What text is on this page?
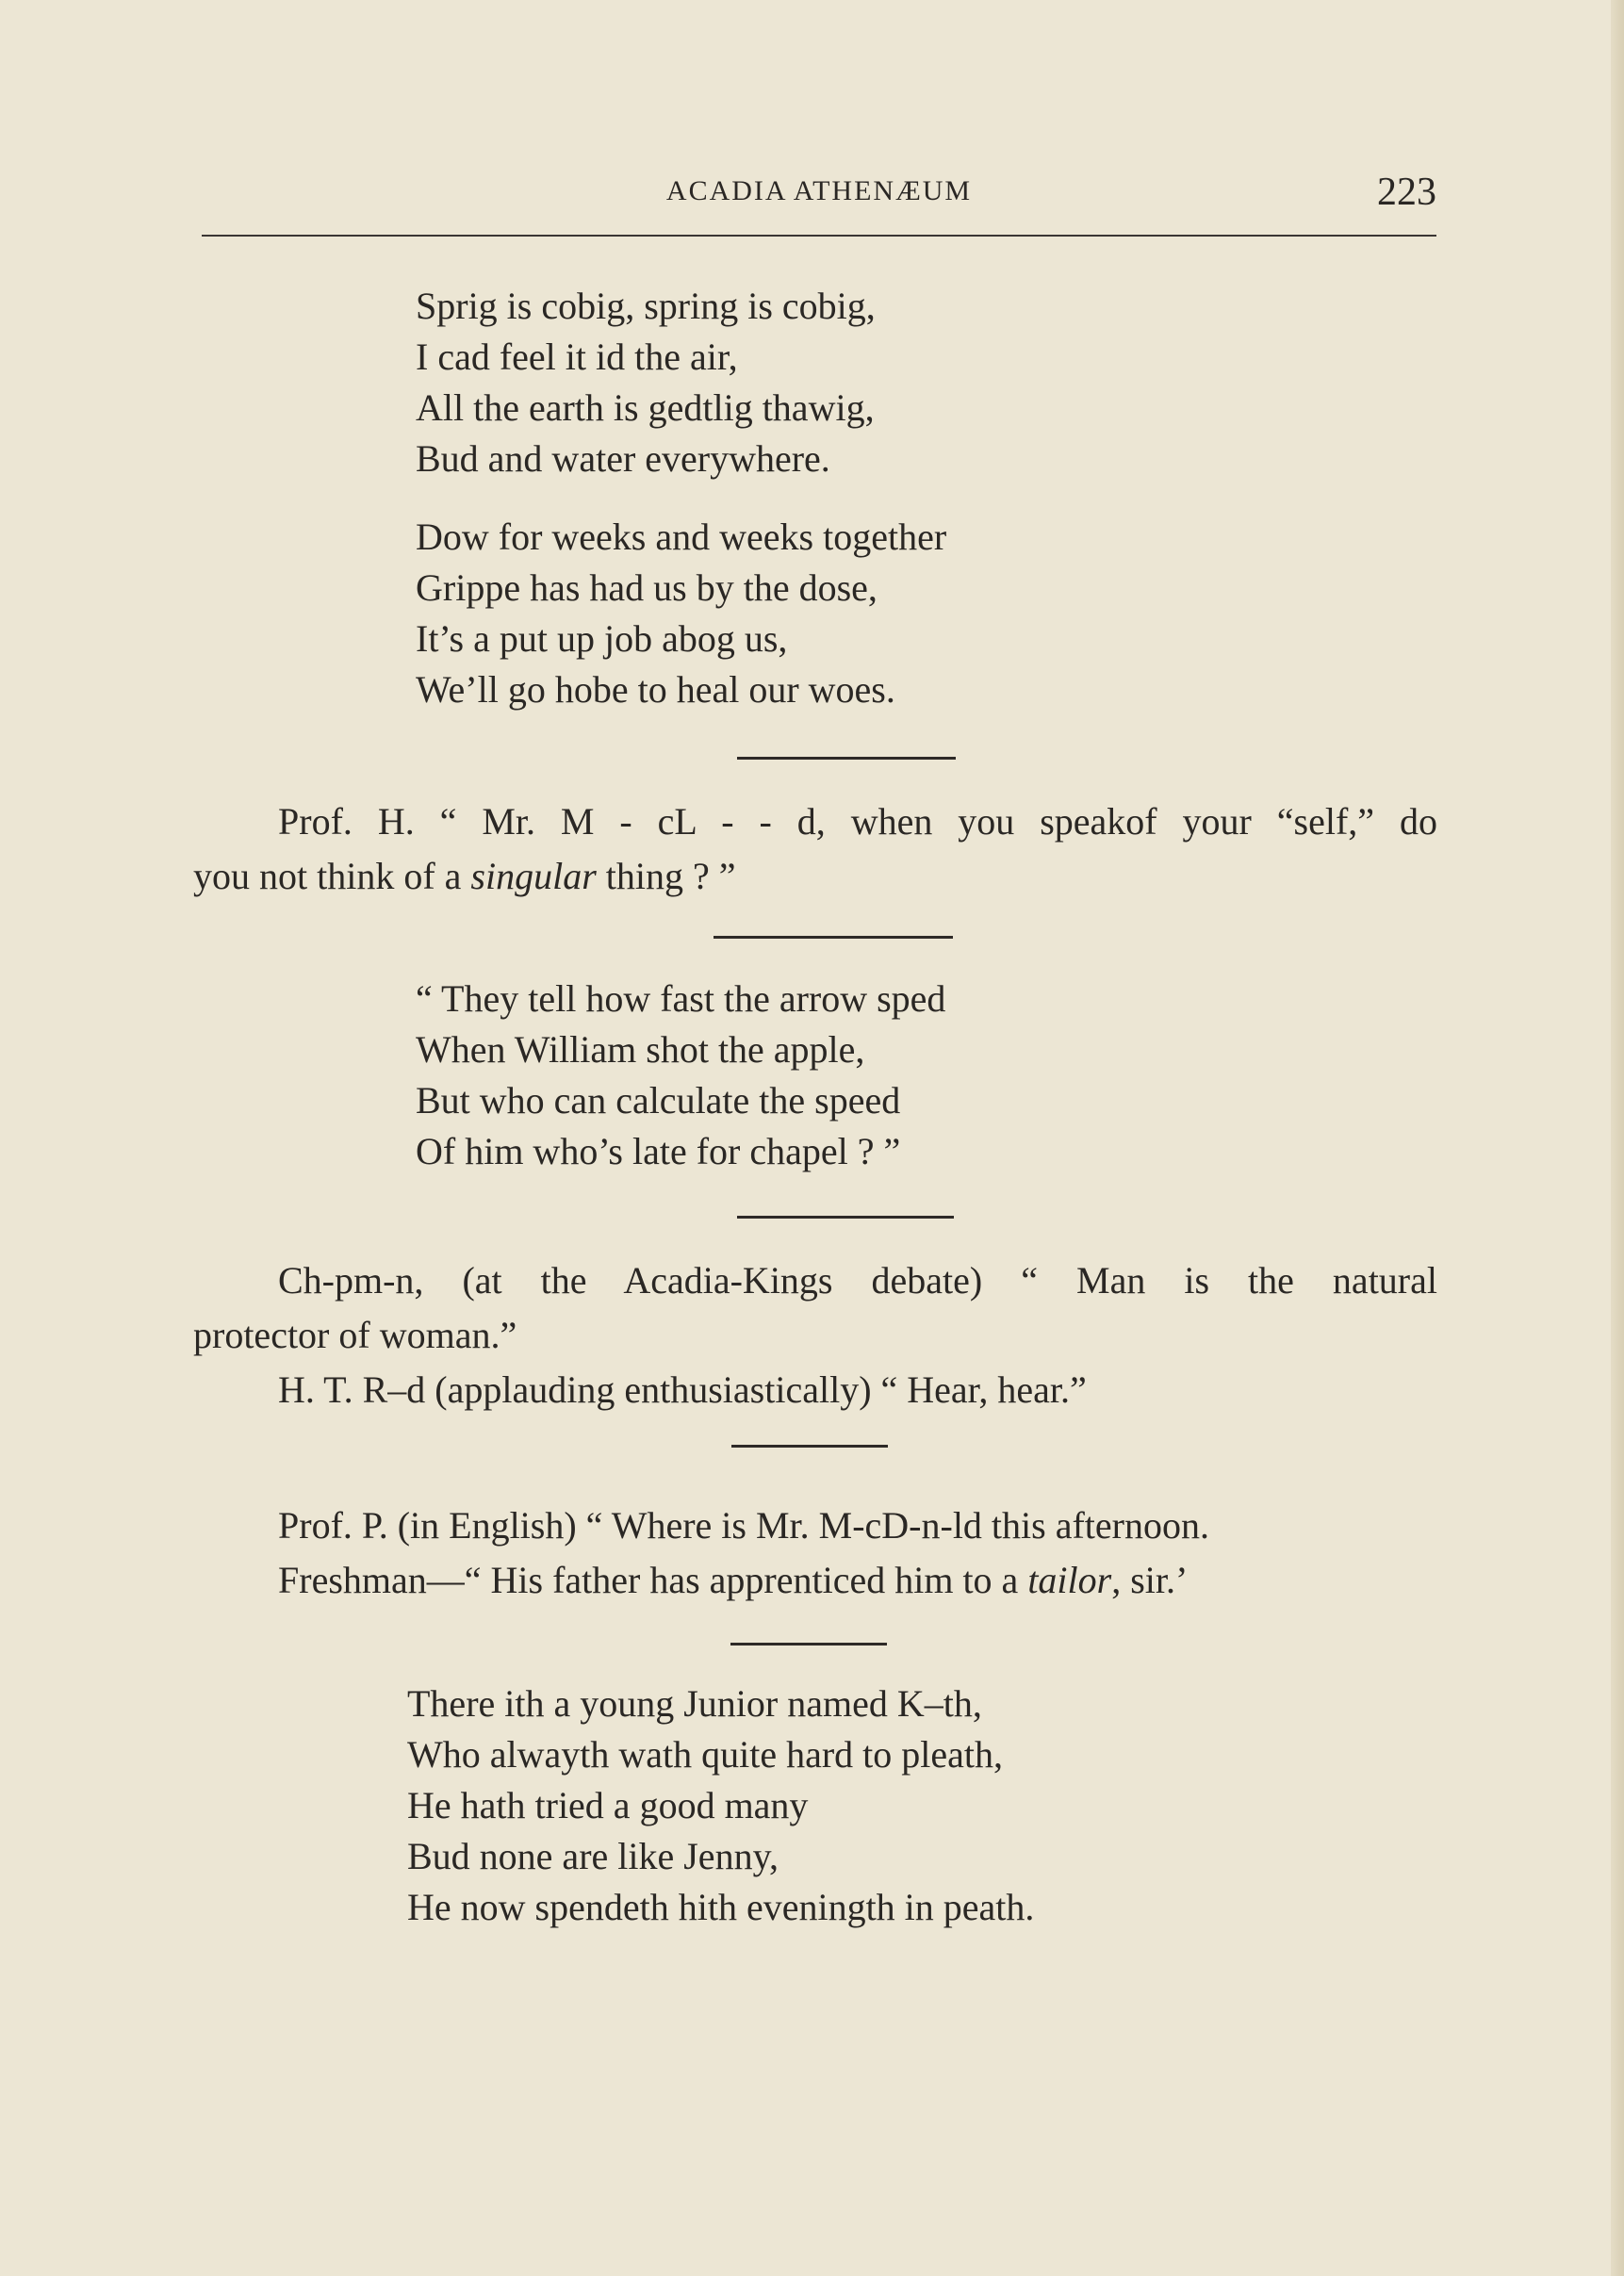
ACADIA ATHENÆUM	223
Sprig is cobig, spring is cobig,
I cad feel it id the air,
All the earth is gedtlig thawig,
Bud and water everywhere.
Dow for weeks and weeks together
Grippe has had us by the dose,
It’s a put up job abog us,
We’ll go hobe to heal our woes.
Prof. H. “ Mr. M - cL - - d, when you speakof your “self,” do
you not think of a singular thing ? ”
“ They tell how fast the arrow sped
When William shot the apple,
But who can calculate the speed
Of him who’s late for chapel ? ”
Ch-pm-n, (at the Acadia-Kings debate) “ Man is the natural
protector of woman.”
H. T. R–d (applauding enthusiastically) “ Hear, hear.”
Prof. P. (in English) “ Where is Mr. M-cD-n-ld this afternoon.
Freshman—“ His father has apprenticed him to a tailor, sir.’
There ith a young Junior named K–th,
Who alwayth wath quite hard to pleath,
He hath tried a good many
Bud none are like Jenny,
He now spendeth hith eveningth in peath.
